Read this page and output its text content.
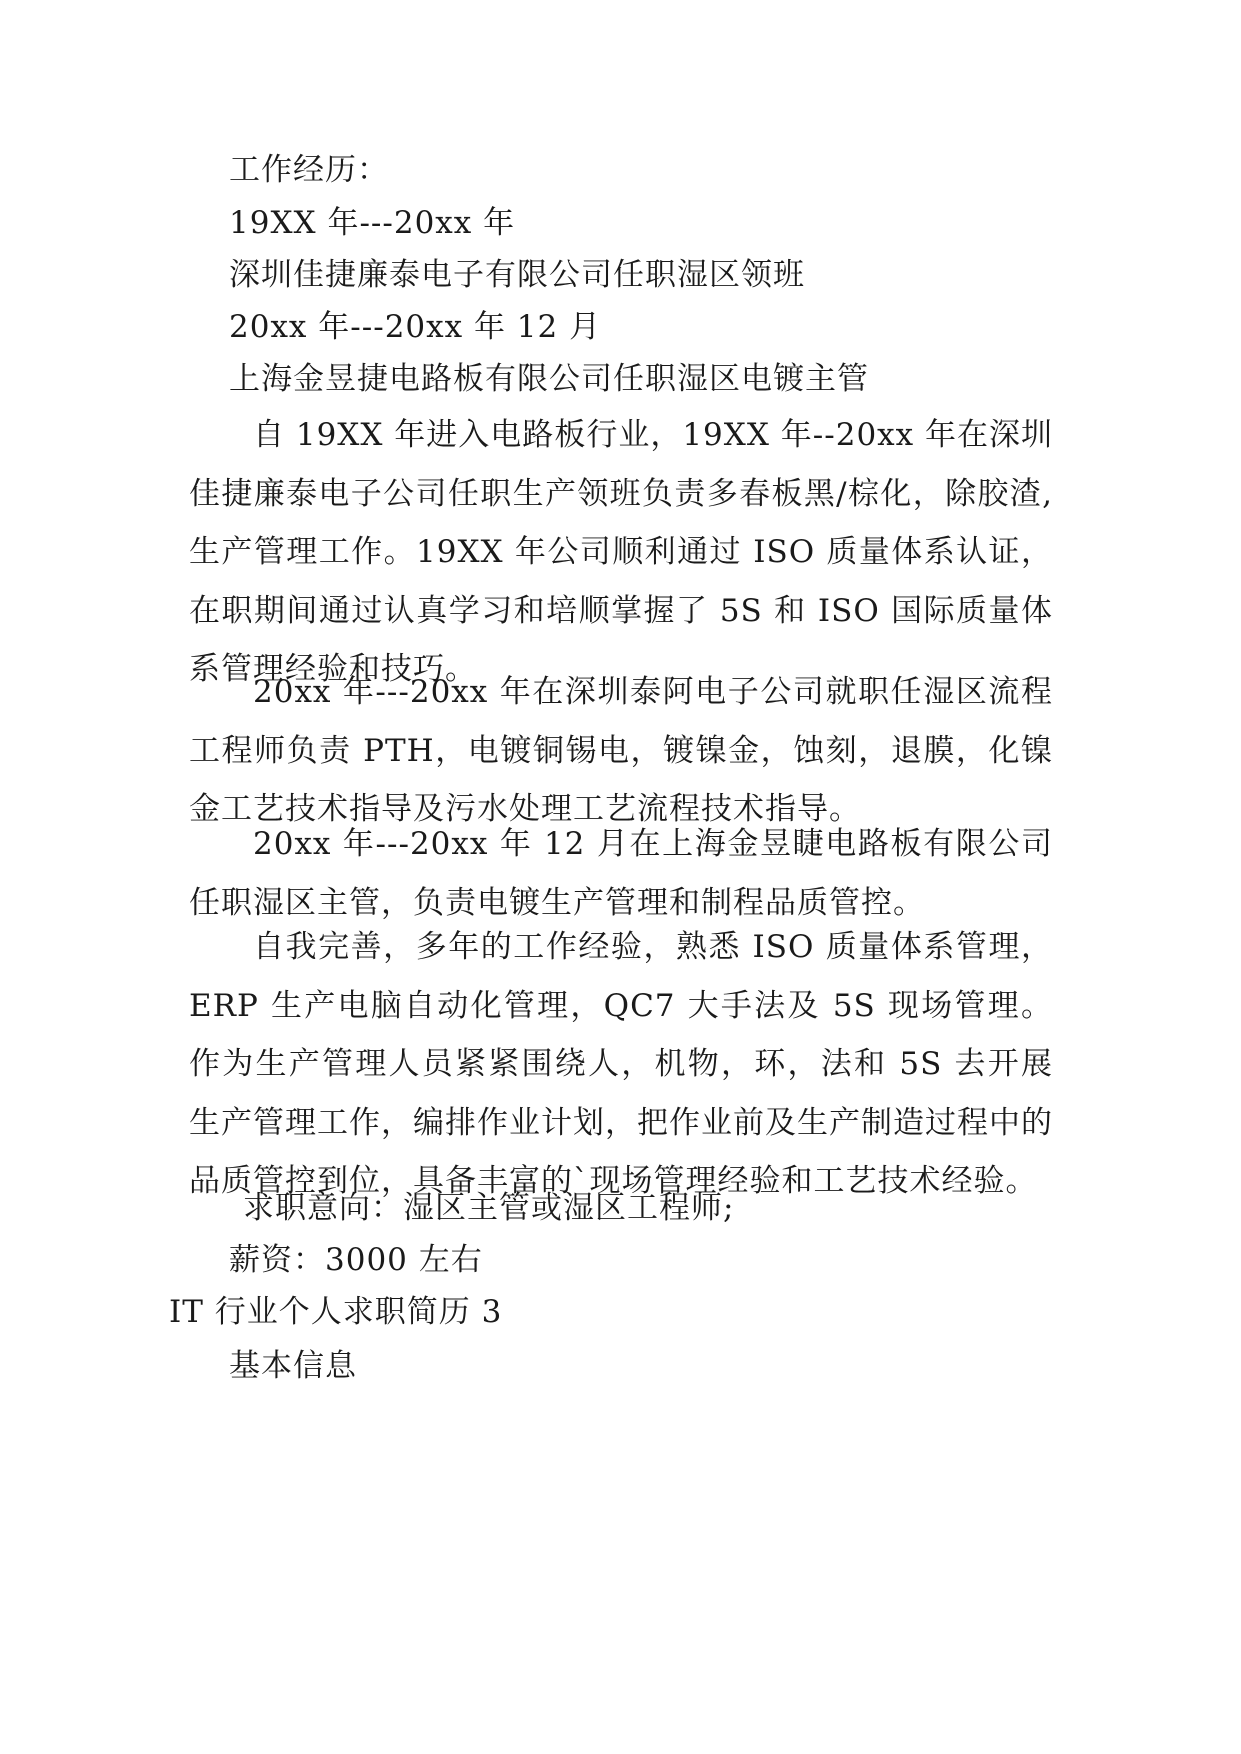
工作经历：
19XX 年---20xx 年
深圳佳捷廉泰电子有限公司任职湿区领班
20xx 年---20xx 年 12 月
上海金昱捷电路板有限公司任职湿区电镀主管
自 19XX 年进入电路板行业，19XX 年--20xx 年在深圳佳捷廉泰电子公司任职生产领班负责多春板黑/棕化，除胶渣,生产管理工作。19XX 年公司顺利通过 ISO 质量体系认证，在职期间通过认真学习和培顺掌握了 5S 和 ISO 国际质量体系管理经验和技巧。
20xx 年---20xx 年在深圳泰阿电子公司就职任湿区流程工程师负责 PTH，电镀铜锡电，镀镍金，蚀刻，退膜，化镍金工艺技术指导及污水处理工艺流程技术指导。
20xx 年---20xx 年 12 月在上海金昱睫电路板有限公司任职湿区主管，负责电镀生产管理和制程品质管控。
自我完善，多年的工作经验，熟悉 ISO 质量体系管理，ERP 生产电脑自动化管理，QC7 大手法及 5S 现场管理。作为生产管理人员紧紧围绕人，机物，环，法和 5S 去开展生产管理工作，编排作业计划，把作业前及生产制造过程中的品质管控到位，具备丰富的`现场管理经验和工艺技术经验。
求职意向：湿区主管或湿区工程师;
薪资：3000 左右
IT 行业个人求职简历 3
基本信息
